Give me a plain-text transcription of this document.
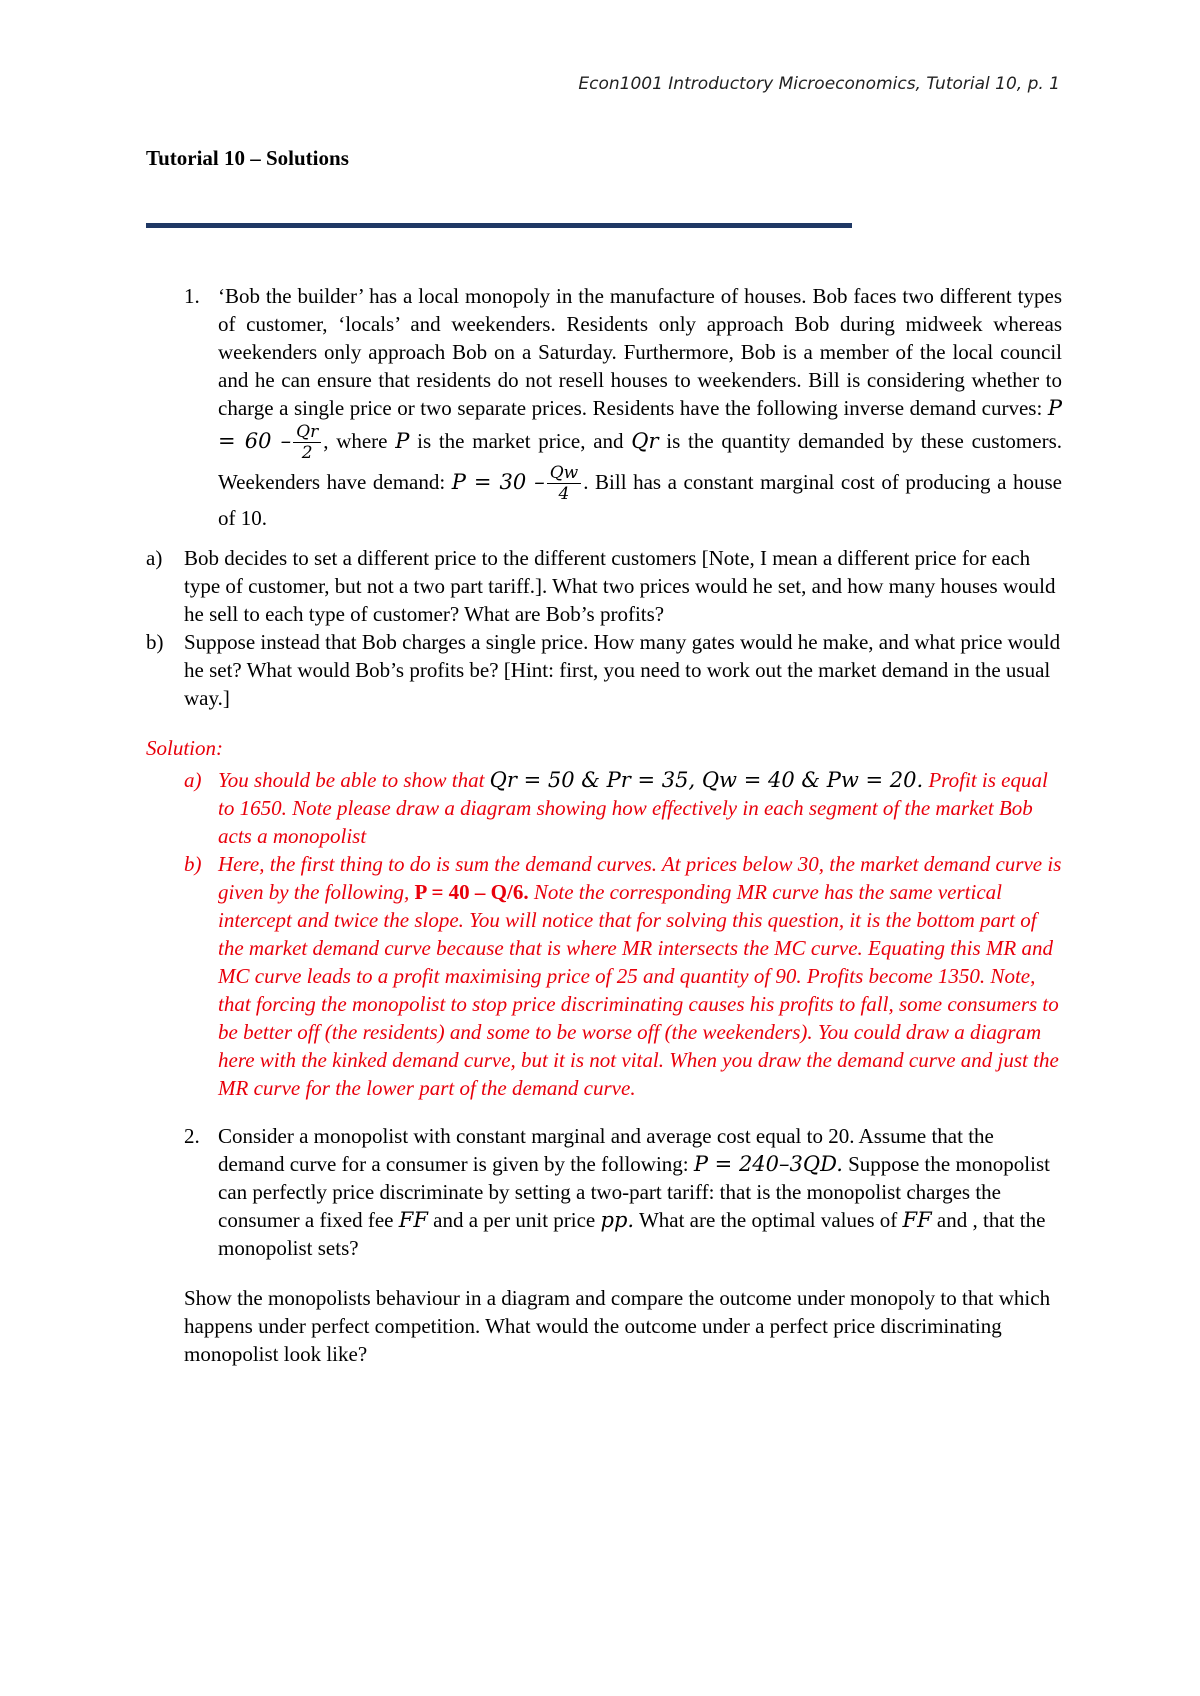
Econ1001 Introductory Microeconomics, Tutorial 10, p. 1
Tutorial 10 – Solutions
1. ‘Bob the builder’ has a local monopoly in the manufacture of houses. Bob faces two different types of customer, ‘locals’ and weekenders. Residents only approach Bob during midweek whereas weekenders only approach Bob on a Saturday. Furthermore, Bob is a member of the local council and he can ensure that residents do not resell houses to weekenders. Bill is considering whether to charge a single price or two separate prices. Residents have the following inverse demand curves: $P = 60 - \frac{Qr}{2}$ , where P is the market price, and Qr is the quantity demanded by these customers. Weekenders have demand: $P = 30 - \frac{Qw}{4}$ . Bill has a constant marginal cost of producing a house of 10.

a) Bob decides to set a different price to the different customers [Note, I mean a different price for each type of customer, but not a two part tariff.]. What two prices would he set, and how many houses would he sell to each type of customer? What are Bob’s profits?
b) Suppose instead that Bob charges a single price. How many gates would he make, and what price would he set? What would Bob’s profits be? [Hint: first, you need to work out the market demand in the usual way.]
Solution:
a) You should be able to show that Qr = 50 & Pr = 35, Qw = 40 & Pw = 20. Profit is equal to 1650. Note please draw a diagram showing how effectively in each segment of the market Bob acts a monopolist
b) Here, the first thing to do is sum the demand curves. At prices below 30, the market demand curve is given by the following, P = 40 – Q/6. Note the corresponding MR curve has the same vertical intercept and twice the slope. You will notice that for solving this question, it is the bottom part of the market demand curve because that is where MR intersects the MC curve. Equating this MR and MC curve leads to a profit maximising price of 25 and quantity of 90. Profits become 1350. Note, that forcing the monopolist to stop price discriminating causes his profits to fall, some consumers to be better off (the residents) and some to be worse off (the weekenders). You could draw a diagram here with the kinked demand curve, but it is not vital. When you draw the demand curve and just the MR curve for the lower part of the demand curve.
2. Consider a monopolist with constant marginal and average cost equal to 20. Assume that the demand curve for a consumer is given by the following: P = 240–3QD. Suppose the monopolist can perfectly price discriminate by setting a two-part tariff: that is the monopolist charges the consumer a fixed fee FF and a per unit price pp. What are the optimal values of FF and , that the monopolist sets?
Show the monopolists behaviour in a diagram and compare the outcome under monopoly to that which happens under perfect competition. What would the outcome under a perfect price discriminating monopolist look like?
